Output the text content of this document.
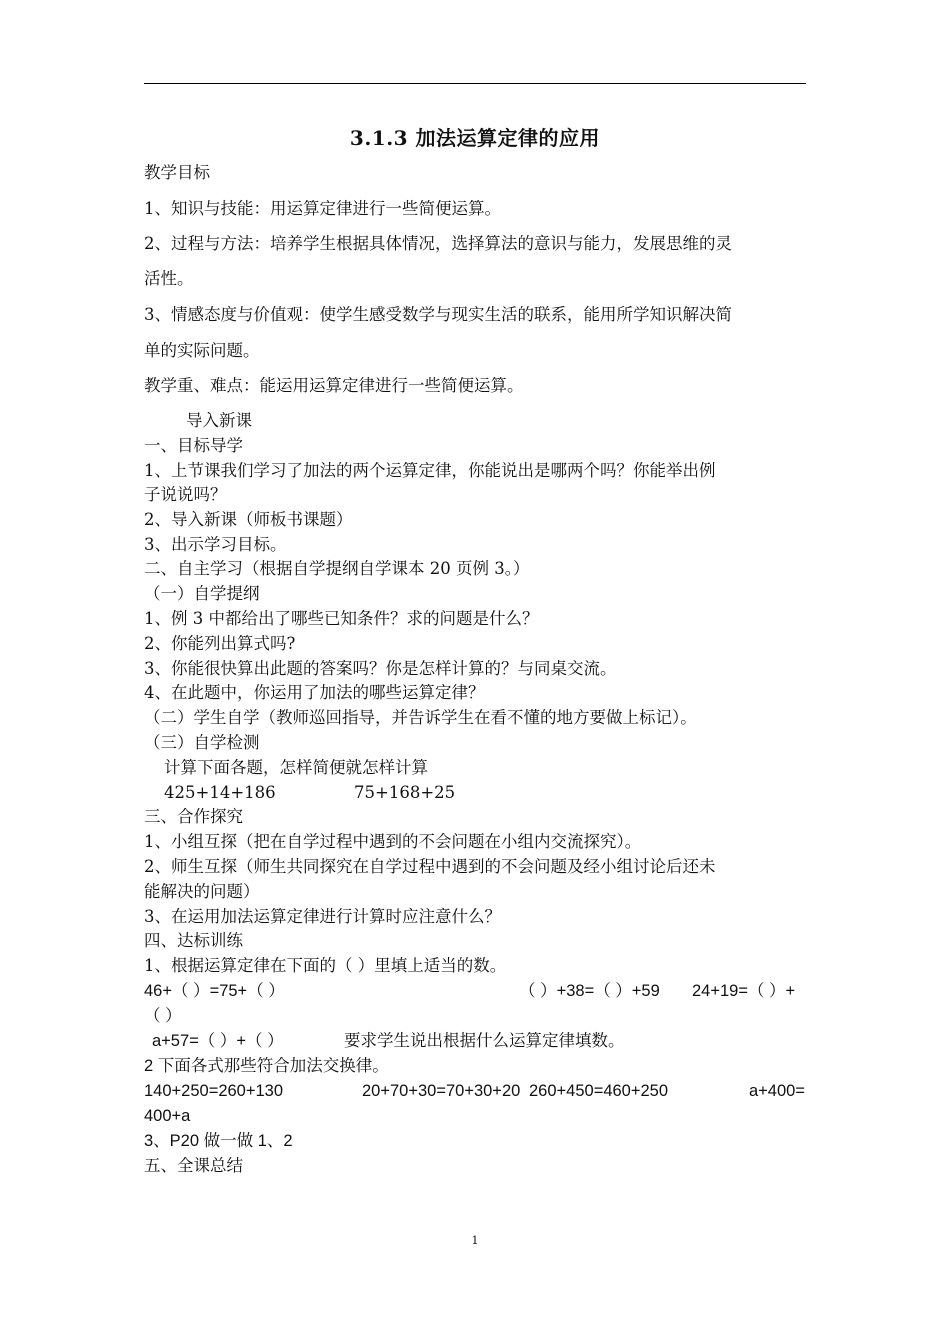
3.1.3 加法运算定律的应用
教学目标
1、知识与技能：用运算定律进行一些简便运算。
2、过程与方法：培养学生根据具体情况，选择算法的意识与能力，发展思维的灵
活性。
3、情感态度与价值观：使学生感受数学与现实生活的联系，能用所学知识解决简
单的实际问题。
教学重、难点：能运用运算定律进行一些简便运算。
导入新课
一、目标导学
1、上节课我们学习了加法的两个运算定律，你能说出是哪两个吗？你能举出例
子说说吗？
2、导入新课（师板书课题）
3、出示学习目标。
二、自主学习（根据自学提纲自学课本 20 页例 3。）
（一）自学提纲
1、例 3 中都给出了哪些已知条件？求的问题是什么？
2、你能列出算式吗?
3、你能很快算出此题的答案吗？你是怎样计算的？与同桌交流。
4、在此题中，你运用了加法的哪些运算定律？
（二）学生自学（教师巡回指导，并告诉学生在看不懂的地方要做上标记）。
（三）自学检测
计算下面各题，怎样简便就怎样计算
425+14+186	75+168+25
三、合作探究
1、小组互探（把在自学过程中遇到的不会问题在小组内交流探究）。
2、师生互探（师生共同探究在自学过程中遇到的不会问题及经小组讨论后还未
能解决的问题）
3、在运用加法运算定律进行计算时应注意什么？
四、达标训练
1、根据运算定律在下面的（ ）里填上适当的数。
46+（ ）=75+（ ）	（ ）+38=（ ）+59 24+19=（ ）+
（ ）
a+57=（ ）+（ ）	要求学生说出根据什么运算定律填数。
2 下面各式那些符合加法交换律。
140+250=260+130	20+70+30=70+30+20 260+450=460+250	a+400=
400+a
3、P20 做一做 1、2
五、全课总结
1
